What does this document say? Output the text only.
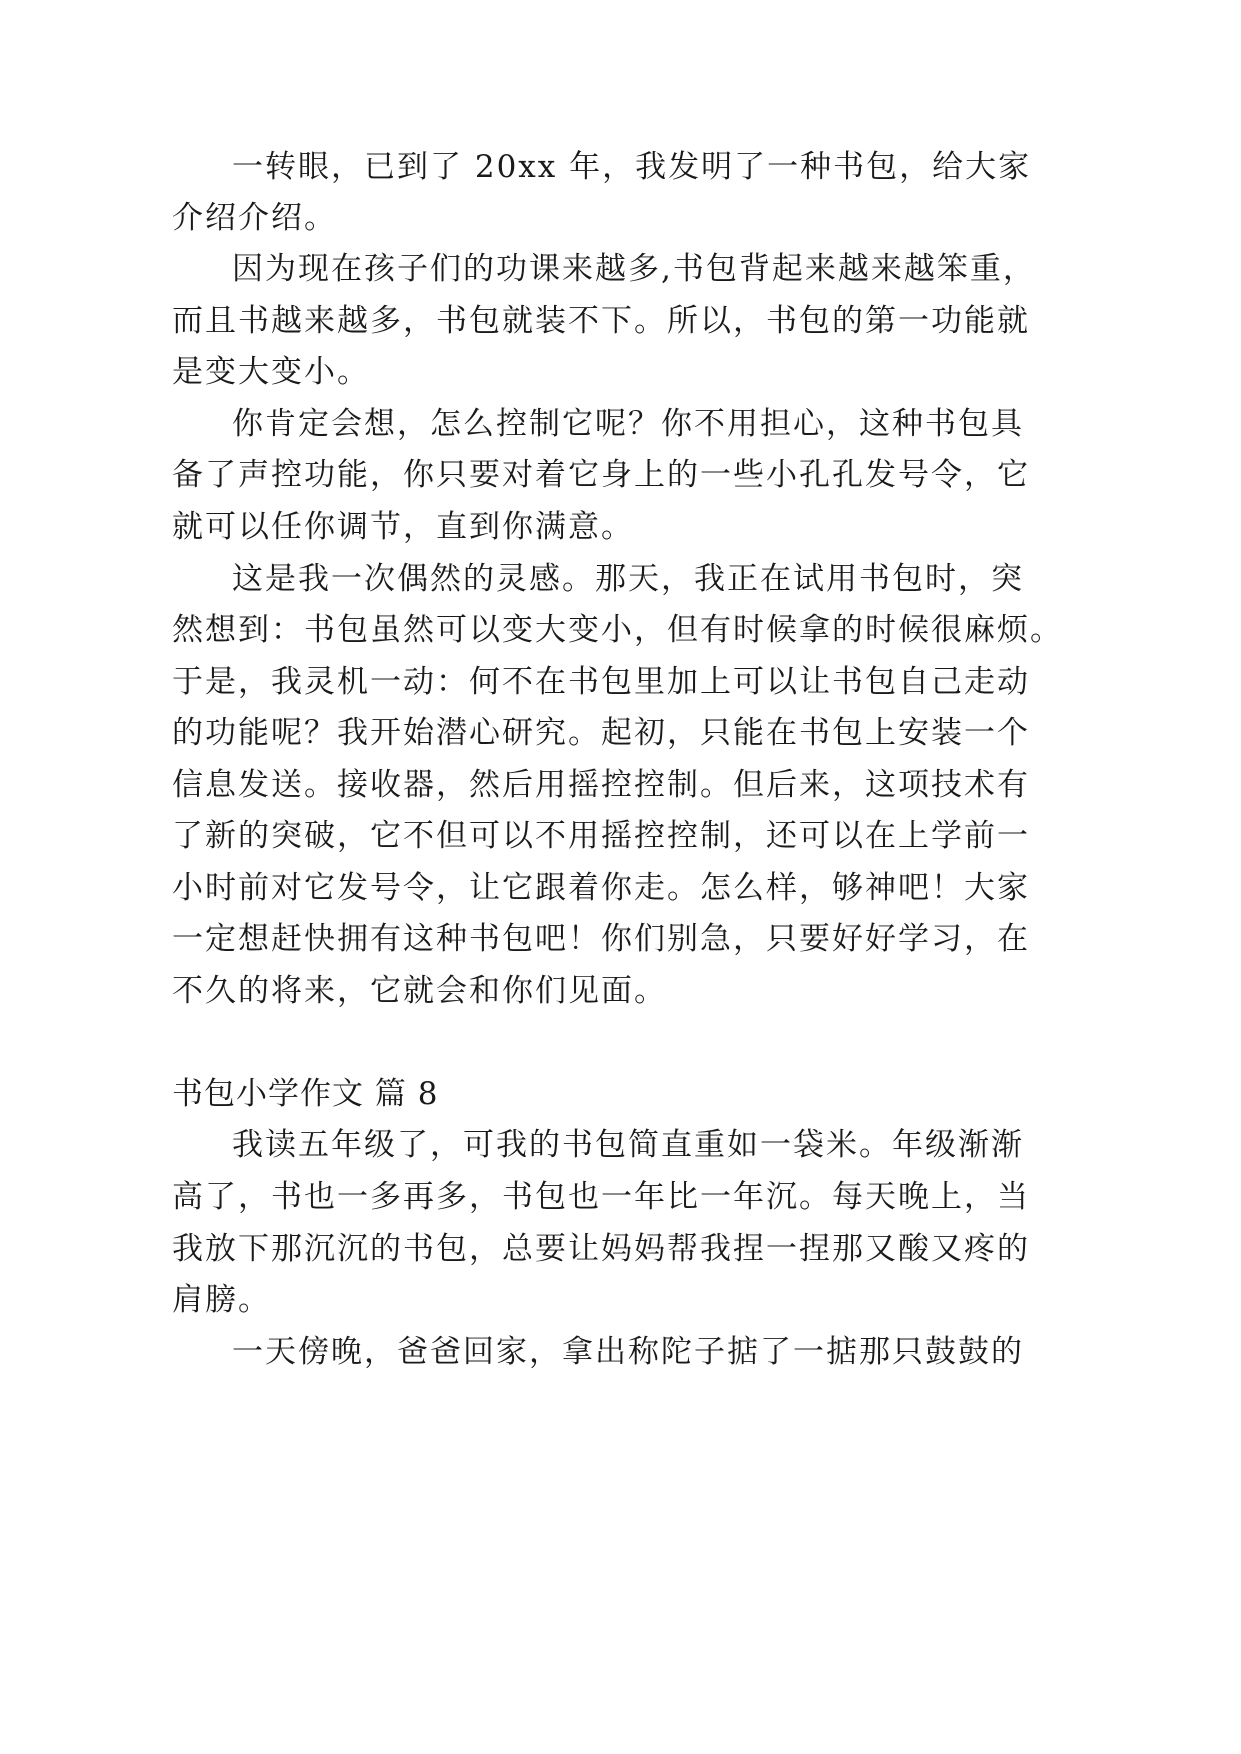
一转眼，已到了 20xx 年，我发明了一种书包，给大家

介绍介绍。

因为现在孩子们的功课来越多,书包背起来越来越笨重，

而且书越来越多，书包就装不下。所以，书包的第一功能就

是变大变小。

你肯定会想，怎么控制它呢？你不用担心，这种书包具

备了声控功能，你只要对着它身上的一些小孔孔发号令，它

就可以任你调节，直到你满意。

这是我一次偶然的灵感。那天，我正在试用书包时，突

然想到：书包虽然可以变大变小，但有时候拿的时候很麻烦。

于是，我灵机一动：何不在书包里加上可以让书包自己走动

的功能呢？我开始潜心研究。起初，只能在书包上安装一个

信息发送。接收器，然后用摇控控制。但后来，这项技术有

了新的突破，它不但可以不用摇控控制，还可以在上学前一

小时前对它发号令，让它跟着你走。怎么样，够神吧！大家

一定想赶快拥有这种书包吧！你们别急，只要好好学习，在

不久的将来，它就会和你们见面。

书包小学作文 篇 8

我读五年级了，可我的书包简直重如一袋米。年级渐渐

高了，书也一多再多，书包也一年比一年沉。每天晚上，当

我放下那沉沉的书包，总要让妈妈帮我捏一捏那又酸又疼的

肩膀。

一天傍晚，爸爸回家，拿出称陀子掂了一掂那只鼓鼓的
